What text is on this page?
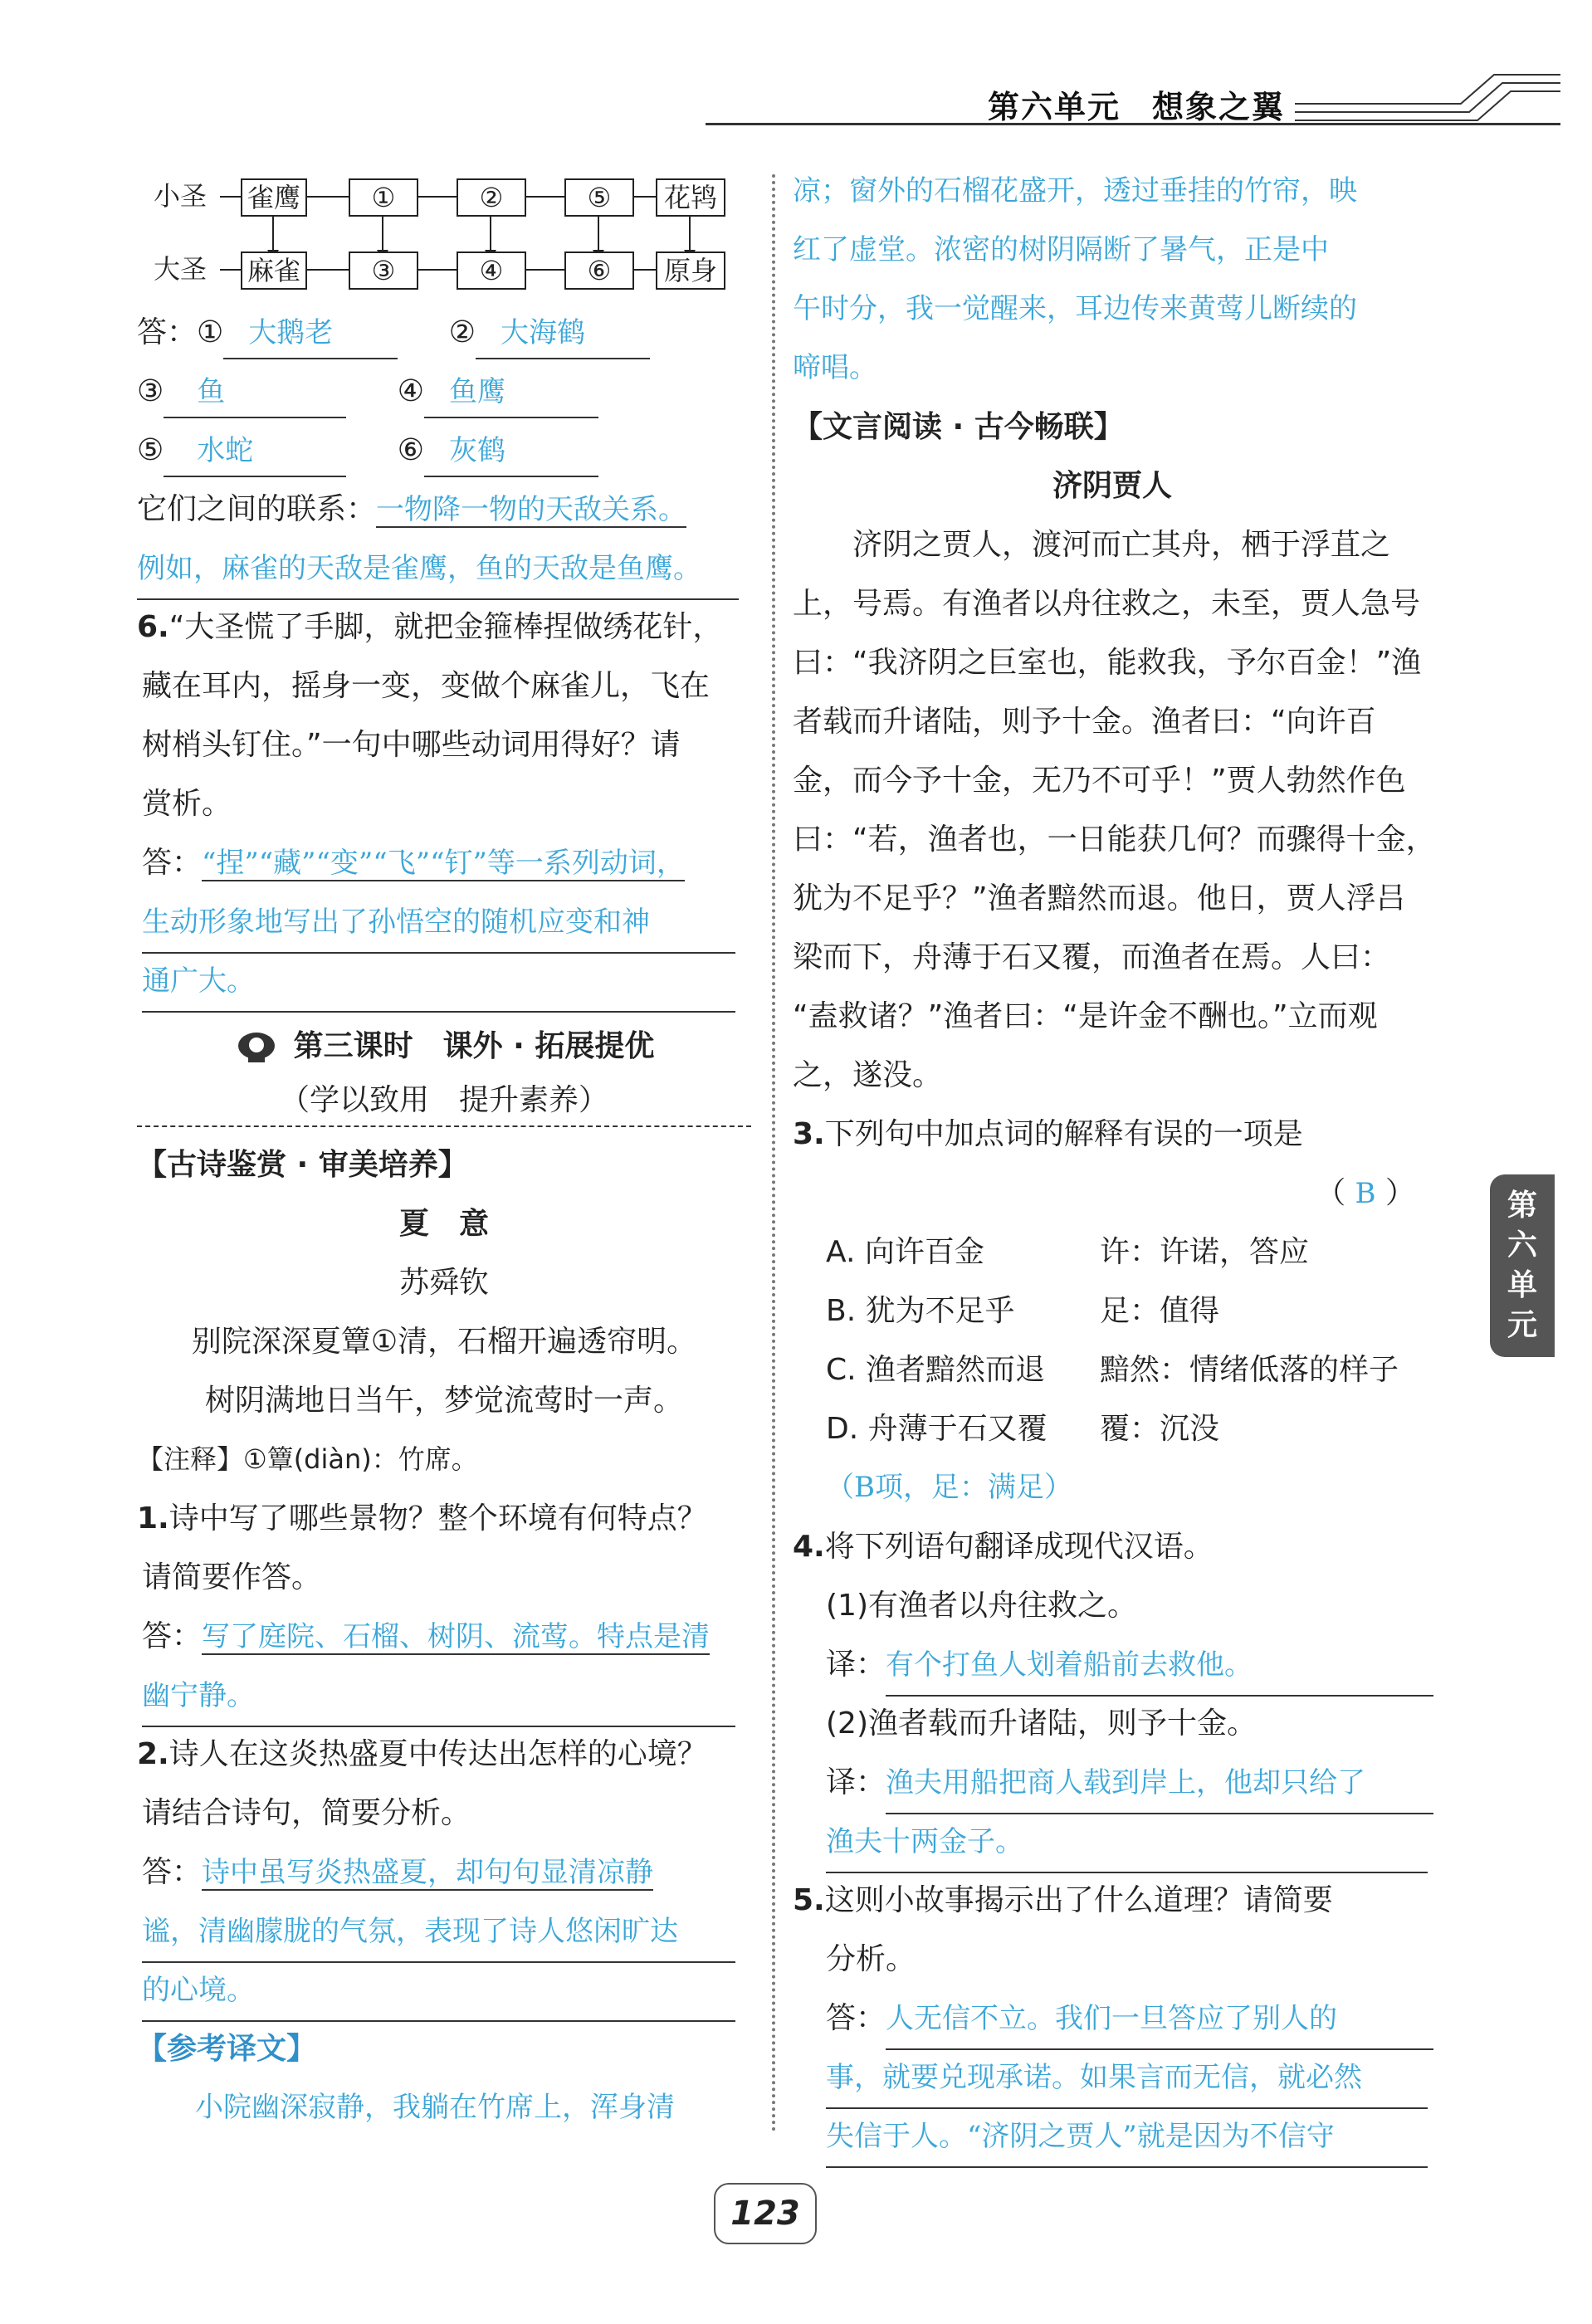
第六单元 想象之翼
小圣
大圣
雀鹰	①	②	⑤	花鸨
麻雀	③	④	⑥	原身
答：① 大鹅老	② 大海鹤
③ 鱼	④ 鱼鹰
⑤ 水蛇	⑥ 灰鹤
它们之间的联系：一物降一物的天敌关系。
例如，麻雀的天敌是雀鹰，鱼的天敌是鱼鹰。
6.“大圣慌了手脚，就把金箍棒捏做绣花针，
藏在耳内，摇身一变，变做个麻雀儿，飞在
树梢头钉住。”一句中哪些动词用得好？请
赏析。
答：“捏”“藏”“变”“飞”“钉”等一系列动词，
生动形象地写出了孙悟空的随机应变和神
通广大。
第三课时　课外 · 拓展提优
（学以致用　提升素养）
【古诗鉴赏 · 审美培养】
夏　意
苏舜钦
别院深深夏簟①清，石榴开遍透帘明。
树阴满地日当午，梦觉流莺时一声。
【注释】①簟(diàn)：竹席。
1.诗中写了哪些景物？整个环境有何特点？
请简要作答。
答：写了庭院、石榴、树阴、流莺。特点是清
幽宁静。
2.诗人在这炎热盛夏中传达出怎样的心境？
请结合诗句，简要分析。
答：诗中虽写炎热盛夏，却句句显清凉静
谧，清幽朦胧的气氛，表现了诗人悠闲旷达
的心境。
【参考译文】
小院幽深寂静，我躺在竹席上，浑身清
凉；窗外的石榴花盛开，透过垂挂的竹帘，映
红了虚堂。浓密的树阴隔断了暑气，正是中
午时分，我一觉醒来，耳边传来黄莺儿断续的
啼唱。
【文言阅读 · 古今畅联】
济阴贾人
济阴之贾人，渡河而亡其舟，栖于浮苴之
上，号焉。有渔者以舟往救之，未至，贾人急号
曰：“我济阴之巨室也，能救我，予尔百金！”渔
者载而升诸陆，则予十金。渔者曰：“向许百
金，而今予十金，无乃不可乎！”贾人勃然作色
曰：“若，渔者也，一日能获几何？而骤得十金，
犹为不足乎？”渔者黯然而退。他日，贾人浮吕
梁而下，舟薄于石又覆，而渔者在焉。人曰：
“盍救诸？”渔者曰：“是许金不酬也。”立而观
之，遂没。
3.下列句中加点词的解释有误的一项是
（ B ）
A. 向许百金	许：许诺，答应
B. 犹为不足乎	足：值得
C. 渔者黯然而退 黯然：情绪低落的样子
D. 舟薄于石又覆 覆：沉没
（B项，足：满足）
4.将下列语句翻译成现代汉语。
(1)有渔者以舟往救之。
译：有个打鱼人划着船前去救他。
(2)渔者载而升诸陆，则予十金。
译：渔夫用船把商人载到岸上，他却只给了
渔夫十两金子。
5.这则小故事揭示出了什么道理？请简要
分析。
答：人无信不立。我们一旦答应了别人的
事，就要兑现承诺。如果言而无信，就必然
失信于人。“济阴之贾人”就是因为不信守
第
六
单
元
123
